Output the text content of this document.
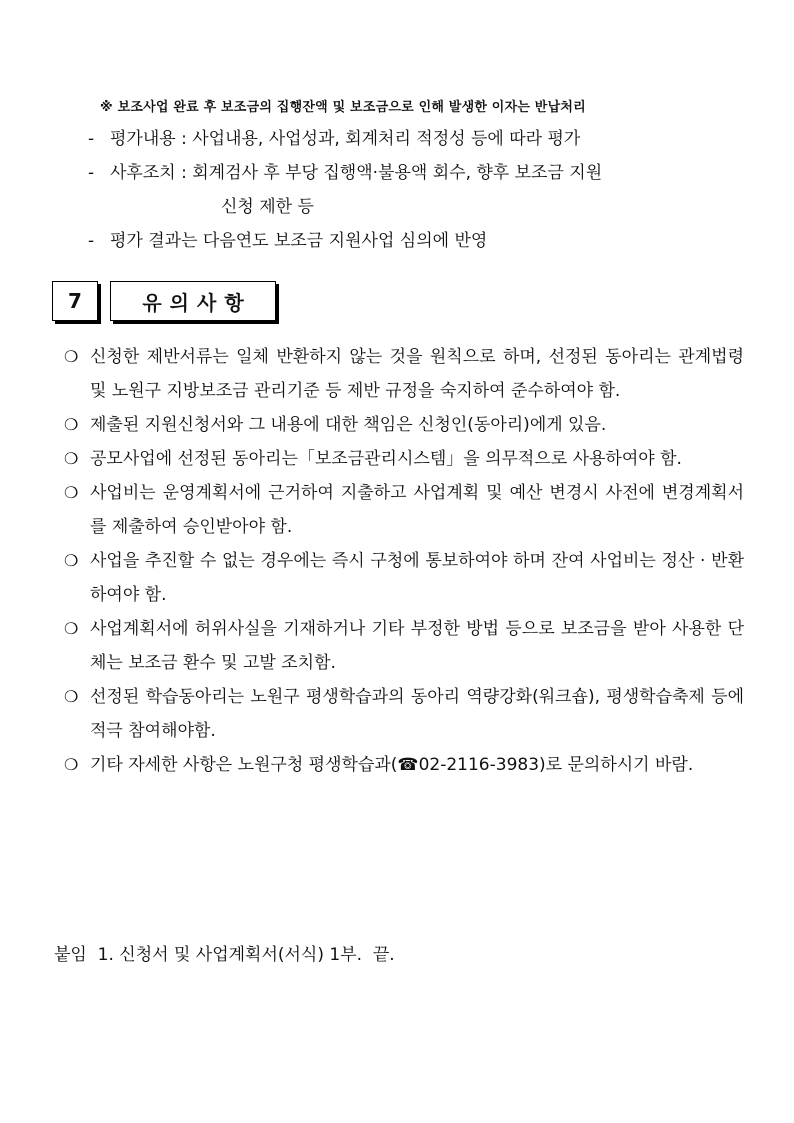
※ 보조사업 완료 후 보조금의 집행잔액 및 보조금으로 인해 발생한 이자는 반납처리
- 평가내용 : 사업내용, 사업성과, 회계처리 적정성 등에 따라 평가
- 사후조치 : 회계검사 후 부당 집행액·불용액 회수, 향후 보조금 지원
신청 제한 등
- 평가 결과는 다음연도 보조금 지원사업 심의에 반영
7	유의사항
❍ 신청한 제반서류는 일체 반환하지 않는 것을 원칙으로 하며, 선정된 동아리는 관계법령 및 노원구 지방보조금 관리기준 등 제반 규정을 숙지하여 준수하여야 함.
❍ 제출된 지원신청서와 그 내용에 대한 책임은 신청인(동아리)에게 있음.
❍ 공모사업에 선정된 동아리는「보조금관리시스템」을 의무적으로 사용하여야 함.
❍ 사업비는 운영계획서에 근거하여 지출하고 사업계획 및 예산 변경시 사전에 변경계획서를 제출하여 승인받아야 함.
❍ 사업을 추진할 수 없는 경우에는 즉시 구청에 통보하여야 하며 잔여 사업비는 정산 · 반환하여야 함.
❍ 사업계획서에 허위사실을 기재하거나 기타 부정한 방법 등으로 보조금을 받아 사용한 단체는 보조금 환수 및 고발 조치함.
❍ 선정된 학습동아리는 노원구 평생학습과의 동아리 역량강화(워크숍), 평생학습축제 등에 적극 참여해야함.
❍ 기타 자세한 사항은 노원구청 평생학습과(☎02-2116-3983)로 문의하시기 바람.
붙임  1. 신청서 및 사업계획서(서식) 1부.  끝.
